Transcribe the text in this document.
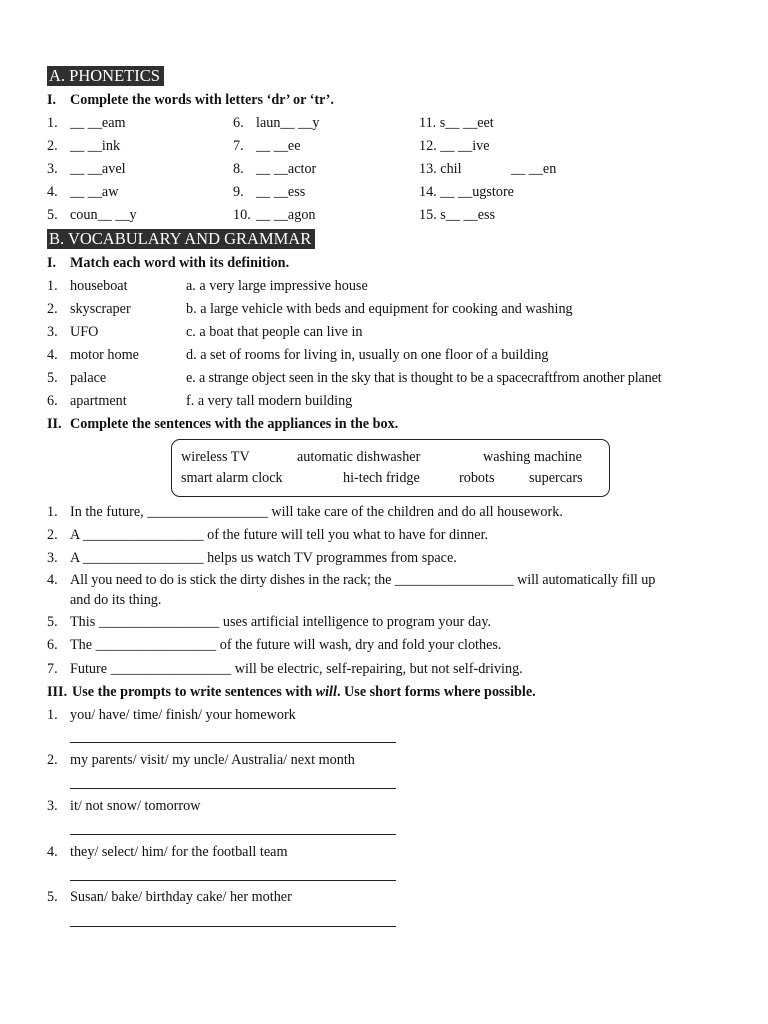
A. PHONETICS
I. Complete the words with letters ‘dr’ or ‘tr’.
1. __ __eam	6. laun__ __y	11. s__ __eet
2. __ __ink	7. __ __ee	12. __ __ive
3. __ __avel	8. __ __actor	13. chil	__ __en
4. __ __aw	9. __ __ess	14. __ __ugstore
5. coun__ __y	10. __ __agon	15. s__ __ess
B. VOCABULARY AND GRAMMAR
I. Match each word with its definition.
1. houseboat	a. a very large impressive house
2. skyscraper	b. a large vehicle with beds and equipment for cooking and washing
3. UFO	c. a boat that people can live in
4. motor home	d. a set of rooms for living in, usually on one floor of a building
5. palace	e. a strange object seen in the sky that is thought to be a spacecraftfrom another planet
6. apartment	f. a very tall modern building
II. Complete the sentences with the appliances in the box.
wireless TV	automatic dishwasher	washing machine
smart alarm clock	hi-tech fridge	robots supercars
1. In the future, _________________ will take care of the children and do all housework.
2. A _________________ of the future will tell you what to have for dinner.
3. A _________________ helps us watch TV programmes from space.
4. All you need to do is stick the dirty dishes in the rack; the _________________ will automatically fill up
and do its thing.
5. This _________________ uses artificial intelligence to program your day.
6. The _________________ of the future will wash, dry and fold your clothes.
7. Future _________________ will be electric, self-repairing, but not self-driving.
III. Use the prompts to write sentences with will. Use short forms where possible.
1. you/ have/ time/ finish/ your homework
2. my parents/ visit/ my uncle/ Australia/ next month
3. it/ not snow/ tomorrow
4. they/ select/ him/ for the football team
5. Susan/ bake/ birthday cake/ her mother
